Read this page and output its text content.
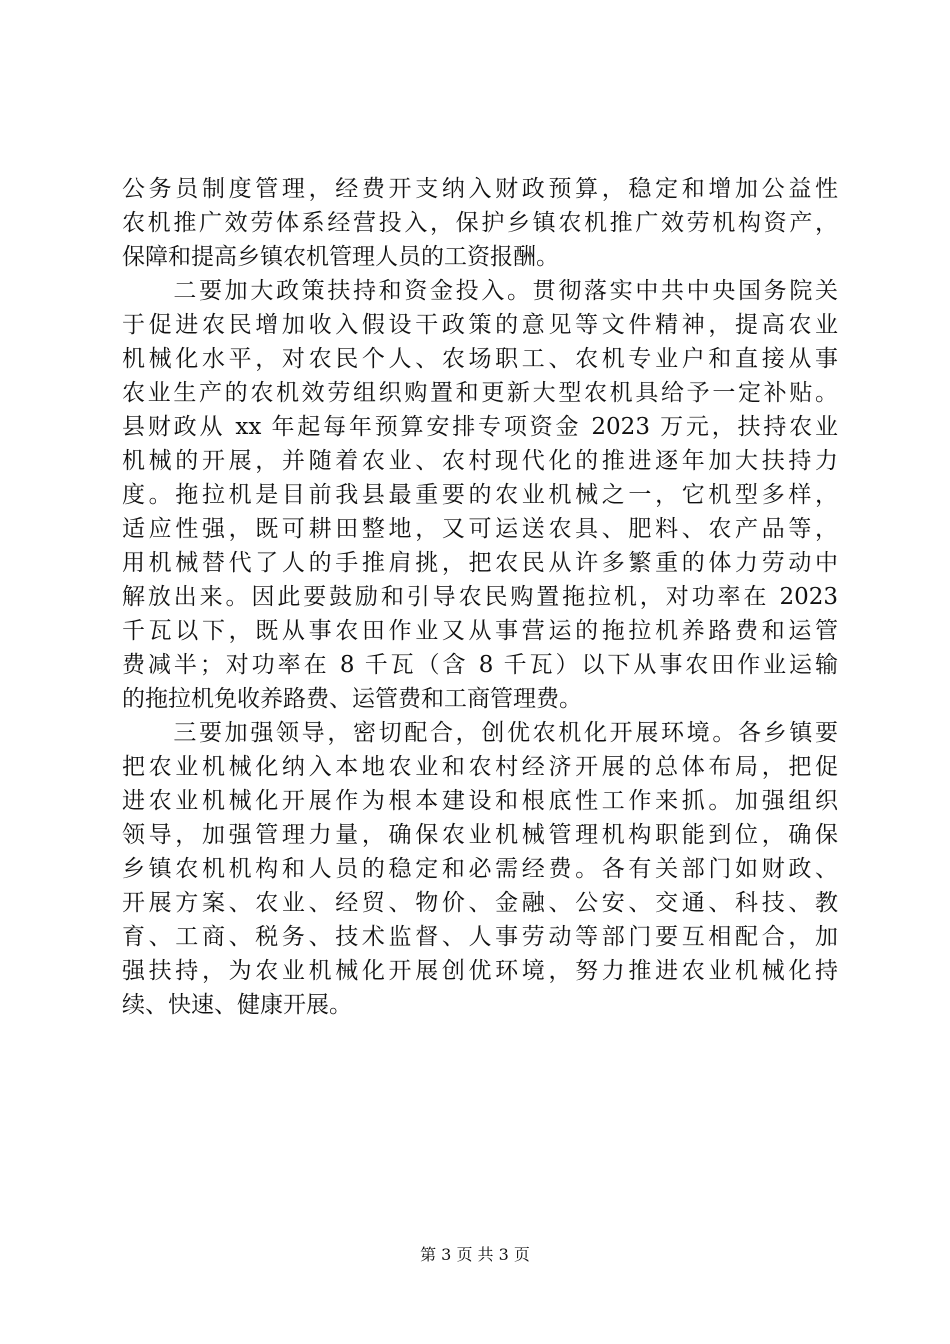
公务员制度管理，经费开支纳入财政预算，稳定和增加公益性
农机推广效劳体系经营投入，保护乡镇农机推广效劳机构资产，
保障和提高乡镇农机管理人员的工资报酬。
　　二要加大政策扶持和资金投入。贯彻落实中共中央国务院关
于促进农民增加收入假设干政策的意见等文件精神，提高农业
机械化水平，对农民个人、农场职工、农机专业户和直接从事
农业生产的农机效劳组织购置和更新大型农机具给予一定补贴。
县财政从 xx 年起每年预算安排专项资金 2023 万元，扶持农业
机械的开展，并随着农业、农村现代化的推进逐年加大扶持力
度。拖拉机是目前我县最重要的农业机械之一，它机型多样，
适应性强，既可耕田整地，又可运送农具、肥料、农产品等，
用机械替代了人的手推肩挑，把农民从许多繁重的体力劳动中
解放出来。因此要鼓励和引导农民购置拖拉机，对功率在 2023
千瓦以下，既从事农田作业又从事营运的拖拉机养路费和运管
费减半；对功率在 8 千瓦（含 8 千瓦）以下从事农田作业运输
的拖拉机免收养路费、运管费和工商管理费。
　　三要加强领导，密切配合，创优农机化开展环境。各乡镇要
把农业机械化纳入本地农业和农村经济开展的总体布局，把促
进农业机械化开展作为根本建设和根底性工作来抓。加强组织
领导，加强管理力量，确保农业机械管理机构职能到位，确保
乡镇农机机构和人员的稳定和必需经费。各有关部门如财政、
开展方案、农业、经贸、物价、金融、公安、交通、科技、教
育、工商、税务、技术监督、人事劳动等部门要互相配合，加
强扶持，为农业机械化开展创优环境，努力推进农业机械化持
续、快速、健康开展。
第 3 页 共 3 页
